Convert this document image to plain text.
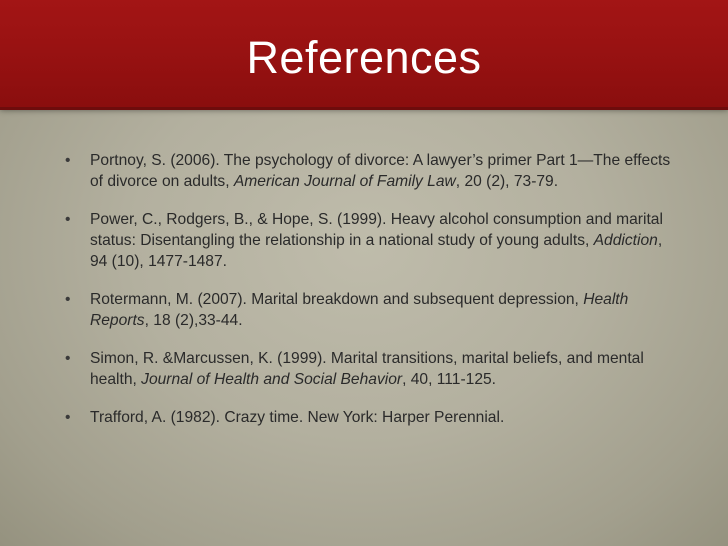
References
• Portnoy, S. (2006). The psychology of divorce: A lawyer’s primer Part 1—The effects of divorce on adults, American Journal of Family Law, 20 (2), 73-79.
• Power, C., Rodgers, B., & Hope, S. (1999). Heavy alcohol consumption and marital status: Disentangling the relationship in a national study of young adults, Addiction, 94 (10), 1477-1487.
• Rotermann, M. (2007). Marital breakdown and subsequent depression, Health Reports, 18 (2),33-44.
• Simon, R. &Marcussen, K. (1999). Marital transitions, marital beliefs, and mental health, Journal of Health and Social Behavior, 40, 111-125.
• Trafford, A. (1982). Crazy time. New York: Harper Perennial.
